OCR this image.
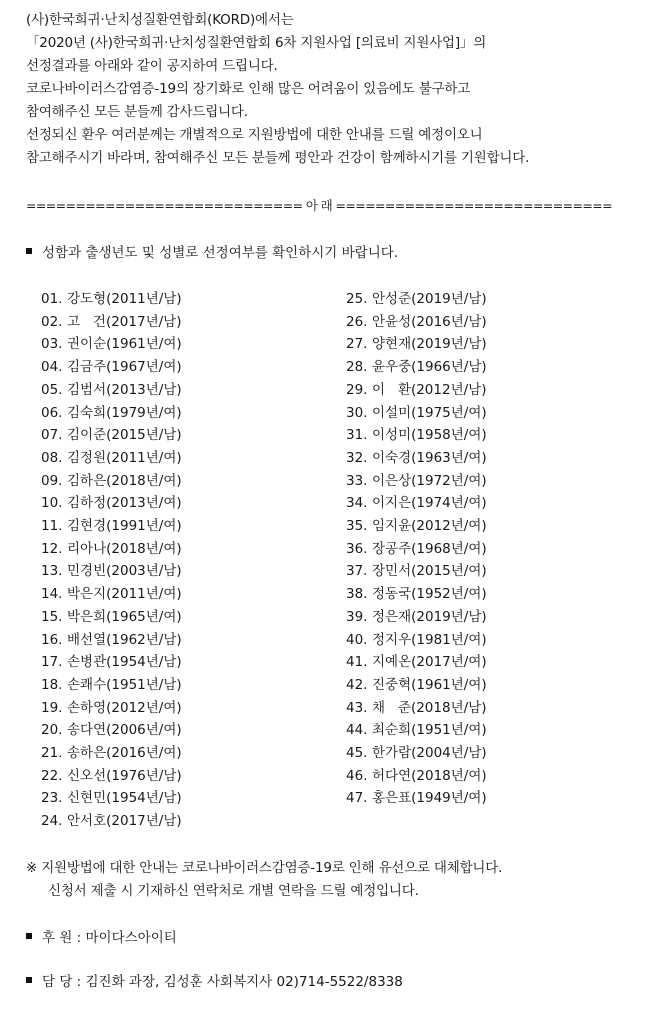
(사)한국희귀·난치성질환연합회(KORD)에서는
「2020년 (사)한국희귀·난치성질환연합회 6차 지원사업 [의료비 지원사업]」의
선정결과를 아래와 같이 공지하여 드립니다.
코로나바이러스감염증-19의 장기화로 인해 많은 어려움이 있음에도 불구하고
참여해주신 모든 분들께 감사드립니다.
선정되신 환우 여러분께는 개별적으로 지원방법에 대한 안내를 드릴 예정이오니
참고해주시기 바라며, 참여해주신 모든 분들께 평안과 건강이 함께하시기를 기원합니다.
============================ 아 래 ============================
성함과 출생년도 및 성별로 선정여부를 확인하시기 바랍니다.
01. 강도형(2011년/남)
02. 고   건(2017년/남)
03. 권이순(1961년/여)
04. 김금주(1967년/여)
05. 김범서(2013년/남)
06. 김숙희(1979년/여)
07. 김이준(2015년/남)
08. 김정원(2011년/여)
09. 김하은(2018년/여)
10. 김하정(2013년/여)
11. 김현경(1991년/여)
12. 리아나(2018년/여)
13. 민경빈(2003년/남)
14. 박은지(2011년/여)
15. 박은희(1965년/여)
16. 배선열(1962년/남)
17. 손병관(1954년/남)
18. 손쾌수(1951년/남)
19. 손하영(2012년/여)
20. 송다연(2006년/여)
21. 송하은(2016년/여)
22. 신오선(1976년/남)
23. 신현민(1954년/남)
24. 안서호(2017년/남)
25. 안성준(2019년/남)
26. 안윤성(2016년/남)
27. 양현재(2019년/남)
28. 윤우중(1966년/남)
29. 이   환(2012년/남)
30. 이설미(1975년/여)
31. 이성미(1958년/여)
32. 이숙경(1963년/여)
33. 이은상(1972년/여)
34. 이지은(1974년/여)
35. 임지윤(2012년/여)
36. 장공주(1968년/여)
37. 장민서(2015년/여)
38. 정동국(1952년/여)
39. 정은재(2019년/남)
40. 정지우(1981년/여)
41. 지예온(2017년/여)
42. 진중혁(1961년/여)
43. 채   준(2018년/남)
44. 최순희(1951년/여)
45. 한가람(2004년/남)
46. 허다연(2018년/여)
47. 홍은표(1949년/여)
※ 지원방법에 대한 안내는 코로나바이러스감염증-19로 인해 유선으로 대체합니다.
신청서 제출 시 기재하신 연락처로 개별 연락을 드릴 예정입니다.
후 원 : 마이다스아이티
담 당 : 김진화 과장, 김성훈 사회복지사 02)714-5522/8338
